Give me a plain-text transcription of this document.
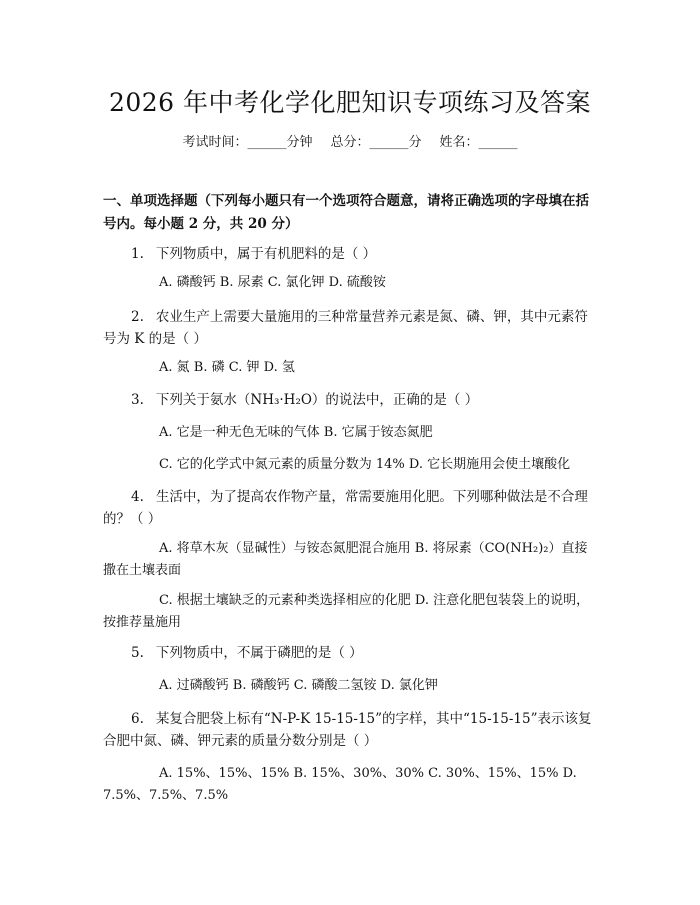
2026 年中考化学化肥知识专项练习及答案
考试时间：______分钟 总分：______分 姓名：______

一、单项选择题（下列每小题只有一个选项符合题意，请将正确选项的字母填在括号内。每小题 2 分，共 20 分）

1. 下列物质中，属于有机肥料的是（ ）

A. 磷酸钙 B. 尿素 C. 氯化钾 D. 硫酸铵

2. 农业生产上需要大量施用的三种常量营养元素是氮、磷、钾，其中元素符号为 K 的是（ ）

A. 氮 B. 磷 C. 钾 D. 氢

3. 下列关于氨水（NH₃·H₂O）的说法中，正确的是（ ）

A. 它是一种无色无味的气体 B. 它属于铵态氮肥

C. 它的化学式中氮元素的质量分数为 14% D. 它长期施用会使土壤酸化

4. 生活中，为了提高农作物产量，常需要施用化肥。下列哪种做法是不合理的？（ ）

A. 将草木灰（显碱性）与铵态氮肥混合施用 B. 将尿素（CO(NH₂)₂）直接撒在土壤表面

C. 根据土壤缺乏的元素种类选择相应的化肥 D. 注意化肥包装袋上的说明，按推荐量施用

5. 下列物质中，不属于磷肥的是（ ）

A. 过磷酸钙 B. 磷酸钙 C. 磷酸二氢铵 D. 氯化钾

6. 某复合肥袋上标有“N-P-K 15-15-15”的字样，其中“15-15-15”表示该复合肥中氮、磷、钾元素的质量分数分别是（ ）

A. 15%、15%、15% B. 15%、30%、30% C. 30%、15%、15% D. 7.5%、7.5%、7.5%
